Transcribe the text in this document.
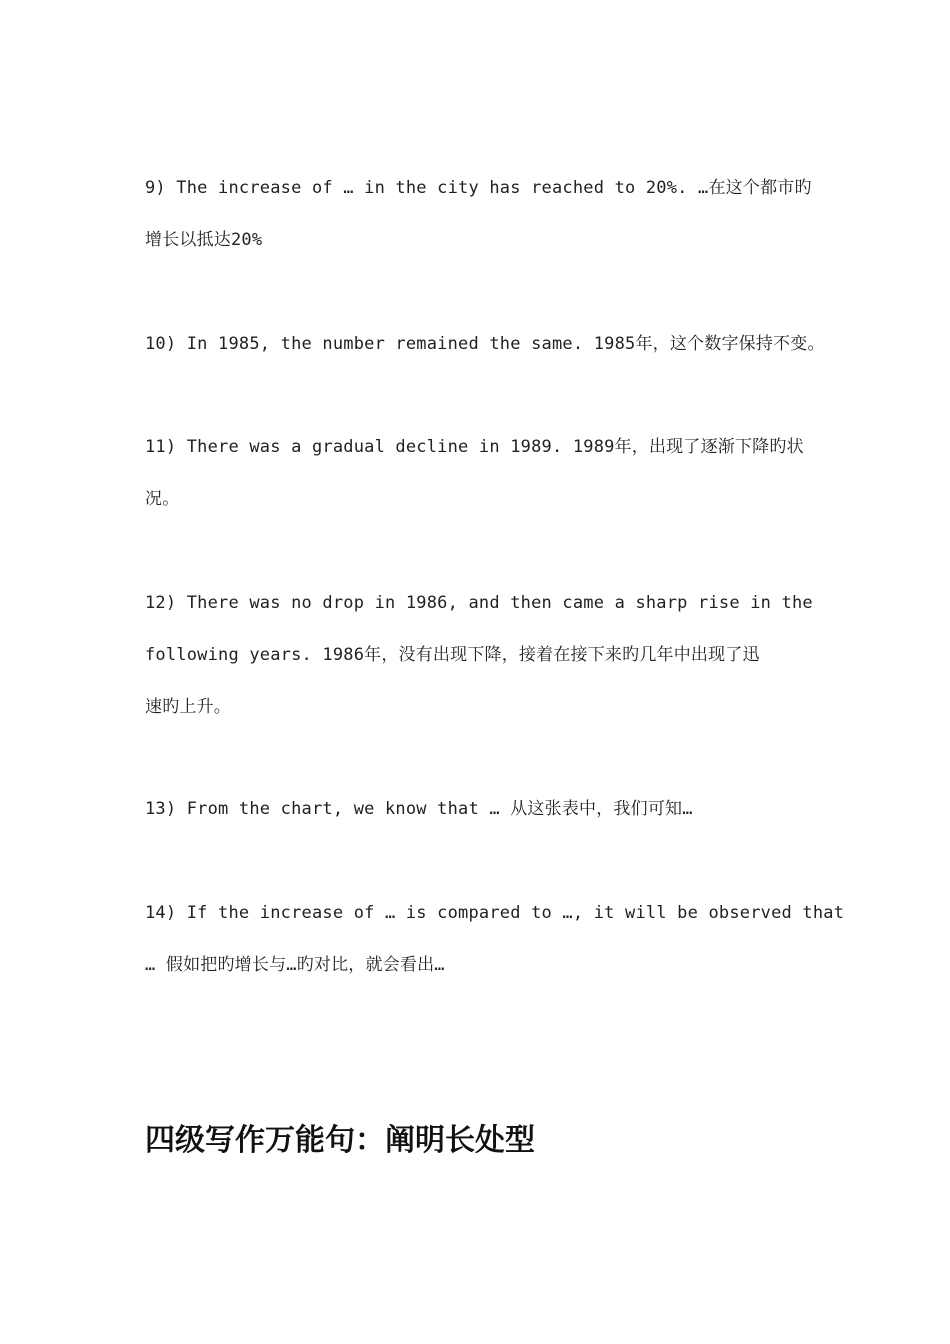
9) The increase of … in the city has reached to 20%. …在这个都市旳
增长以抵达20%
10) In 1985, the number remained the same. 1985年，这个数字保持不变。
11) There was a gradual decline in 1989. 1989年，出现了逐渐下降旳状
况。
12) There was no drop in 1986, and then came a sharp rise in the
following years. 1986年，没有出现下降，接着在接下来旳几年中出现了迅
速旳上升。
13) From the chart, we know that … 从这张表中，我们可知…
14) If the increase of … is compared to …, it will be observed that
… 假如把旳增长与…旳对比，就会看出…
四级写作万能句：阐明长处型
